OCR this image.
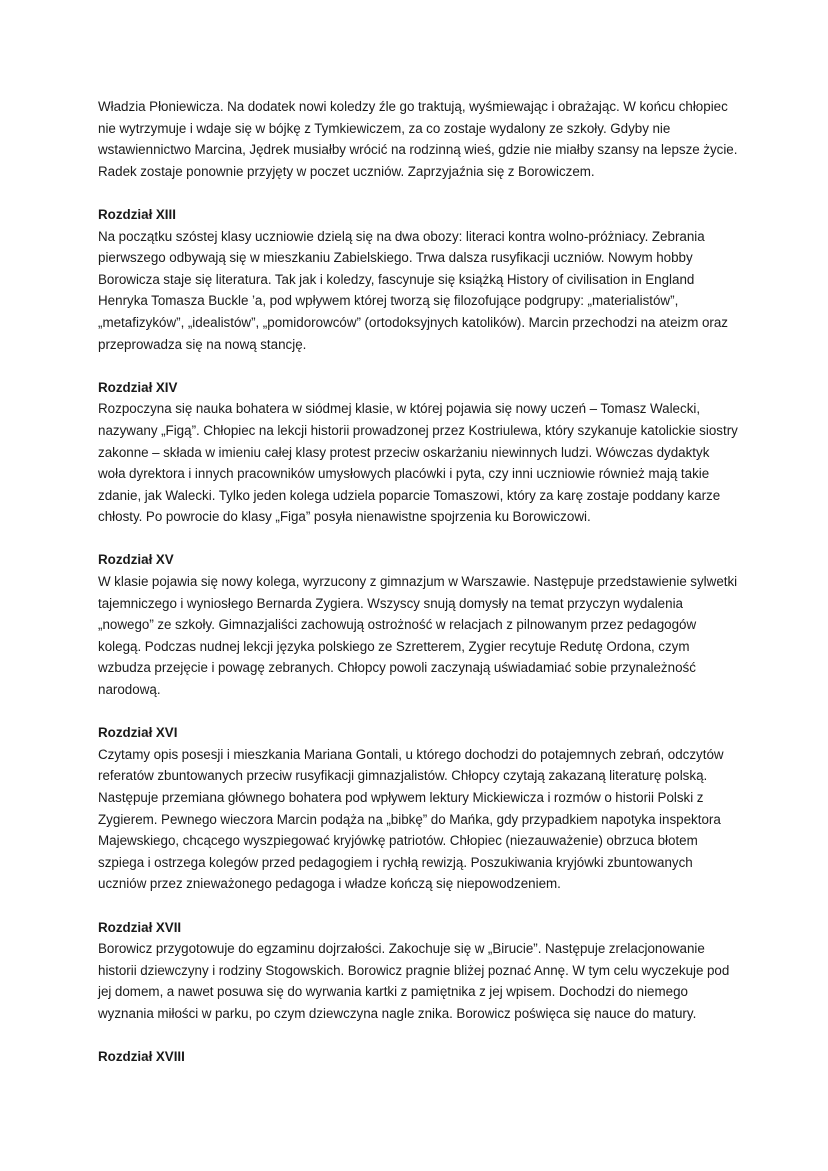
Władzia Płoniewicza. Na dodatek nowi koledzy źle go traktują, wyśmiewając i obrażając. W końcu chłopiec nie wytrzymuje i wdaje się w bójkę z Tymkiewiczem, za co zostaje wydalony ze szkoły. Gdyby nie wstawiennictwo Marcina, Jędrek musiałby wrócić na rodzinną wieś, gdzie nie miałby szansy na lepsze życie. Radek zostaje ponownie przyjęty w poczet uczniów. Zaprzyjaźnia się z Borowiczem.

Rozdział XIII

Na początku szóstej klasy uczniowie dzielą się na dwa obozy: literaci kontra wolno-próżniacy. Zebrania pierwszego odbywają się w mieszkaniu Zabielskiego. Trwa dalsza rusyfikacji uczniów. Nowym hobby Borowicza staje się literatura. Tak jak i koledzy, fascynuje się książką History of civilisation in England Henryka Tomasza Buckle ’a, pod wpływem której tworzą się filozofujące podgrupy: „materialistów”, „metafizyków”, „idealistów”, „pomidorowców” (ortodoksyjnych katolików). Marcin przechodzi na ateizm oraz przeprowadza się na nową stancję.

Rozdział XIV

Rozpoczyna się nauka bohatera w siódmej klasie, w której pojawia się nowy uczeń – Tomasz Walecki, nazywany „Figą”. Chłopiec na lekcji historii prowadzonej przez Kostriulewa, który szykanuje katolickie siostry zakonne – składa w imieniu całej klasy protest przeciw oskarżaniu niewinnych ludzi. Wówczas dydaktyk woła dyrektora i innych pracowników umysłowych placówki i pyta, czy inni uczniowie również mają takie zdanie, jak Walecki. Tylko jeden kolega udziela poparcie Tomaszowi, który za karę zostaje poddany karze chłosty. Po powrocie do klasy „Figa” posyła nienawistne spojrzenia ku Borowiczowi.

Rozdział XV

W klasie pojawia się nowy kolega, wyrzucony z gimnazjum w Warszawie. Następuje przedstawienie sylwetki tajemniczego i wyniosłego Bernarda Zygiera. Wszyscy snują domysły na temat przyczyn wydalenia „nowego” ze szkoły. Gimnazjaliści zachowują ostrożność w relacjach z pilnowanym przez pedagogów kolegą. Podczas nudnej lekcji języka polskiego ze Szretterem, Zygier recytuje Redutę Ordona, czym wzbudza przejęcie i powagę zebranych. Chłopcy powoli zaczynają uświadamiać sobie przynależność narodową.

Rozdział XVI

Czytamy opis posesji i mieszkania Mariana Gontali, u którego dochodzi do potajemnych zebrań, odczytów referatów zbuntowanych przeciw rusyfikacji gimnazjalistów. Chłopcy czytają zakazaną literaturę polską. Następuje przemiana głównego bohatera pod wpływem lektury Mickiewicza i rozmów o historii Polski z Zygierem. Pewnego wieczora Marcin podąża na „bibkę” do Mańka, gdy przypadkiem napotyka inspektora Majewskiego, chcącego wyszpiegować kryjówkę patriotów. Chłopiec (niezauważenie) obrzuca błotem szpiega i ostrzega kolegów przed pedagogiem i rychłą rewizją. Poszukiwania kryjówki zbuntowanych uczniów przez znieważonego pedagoga i władze kończą się niepowodzeniem.

Rozdział XVII

Borowicz przygotowuje do egzaminu dojrzałości. Zakochuje się w „Birucie”. Następuje zrelacjonowanie historii dziewczyny i rodziny Stogowskich. Borowicz pragnie bliżej poznać Annę. W tym celu wyczekuje pod jej domem, a nawet posuwa się do wyrwania kartki z pamiętnika z jej wpisem. Dochodzi do niemego wyznania miłości w parku, po czym dziewczyna nagle znika. Borowicz poświęca się nauce do matury.

Rozdział XVIII
